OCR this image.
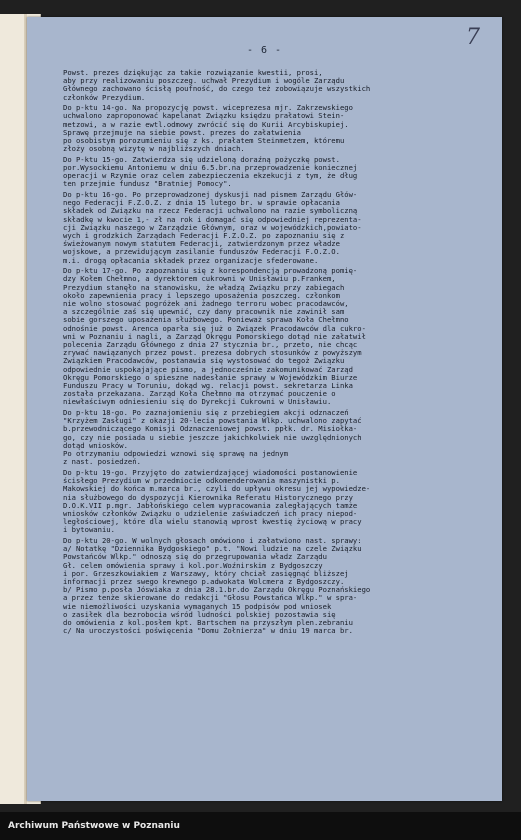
- 6 -
7
Powst. prezes dziękując za takie rozwiązanie kwestii, prosi,
aby przy realizowaniu poszczeg. uchwał Prezydium i wogóle Zarządu
Głównego zachowano ścisłą poufność, do czego też zobowiązuje wszystkich
członków Prezydium.
Do p-ktu 14-go. Na propozycję powst. wiceprezesa mjr. Zakrzewskiego
uchwalono zaproponować kapelanat Związku księdzu prałatowi Stein-
metzowi, a w razie ewtl.odmowy zwrócić się do Kurii Arcybiskupiej.
Sprawę przejmuje na siebie powst. prezes do załatwienia
po osobistym porozumieniu się z ks. prałatem Steinmetzem, któremu
złoży osobną wizytę w najbliższych dniach.
Do P-ktu 15-go. Zatwierdza się udzieloną doraźną pożyczkę powst.
por.Wysockiemu Antoniemu w dniu 6.5.br.na przeprowadzenie koniecznej
operacji w Rzymie oraz celem zabezpieczenia ekzekucji z tym, że dług
ten przejmie fundusz "Bratniej Pomocy".
Do p-ktu 16-go. Po przeprowadzonej dyskusji nad pismem Zarządu Głów-
nego Federacji F.Z.O.Z. z dnia 15 lutego br. w sprawie opłacania
składek od Związku na rzecz Federacji uchwalono na razie symboliczną
składkę w kwocie 1,- zł na rok i domagać się odpowiedniej reprezenta-
cji Związku naszego w Zarządzie Głównym, oraz w wojewódzkich,powiato-
wych i grodzkich Zarządach Federacji F.Z.O.Z. po zapoznaniu się z
świeżowanym nowym statutem Federacji, zatwierdzonym przez władze
wojskowe, a przewidującym zasilanie funduszów Federacji F.O.Z.O.
m.i. drogą opłacania składek przez organizacje sfederowane.
Do p-ktu 17-go. Po zapoznaniu się z korespondencją prowadzoną pomię-
dzy Kołem Chełmno, a dyrektorem cukrowni w Unisławiu p.Frankem,
Prezydium stanęło na stanowisku, że władzą Związku przy zabiegach
około zapewnienia pracy i lepszego uposażenia poszczeg. członkom
nie wolno stosować pogróżek ani żadnego terroru wobec pracodawców,
a szczególnie zaś się upewnić, czy dany pracownik nie zawinił sam
sobie gorszego uposażenia służbowego. Ponieważ sprawa Koła Chełmno
odnośnie powst. Arenca oparła się już o Związek Pracodawców dla cukro-
wni w Poznaniu i nagli, a Zarząd Okręgu Pomorskiego dotąd nie załatwił
polecenia Zarządu Głównego z dnia 27 stycznia br., przeto, nie chcąc
zrywać nawiązanych przez powst. prezesa dobrych stosunków z powyższym
Związkiem Pracodawców, postanawia się wystosować do tegoż Związku
odpowiednie uspokajające pismo, a jednocześnie zakomunikować Zarząd
Okręgu Pomorskiego o spieszne nadesłanie sprawy w Wojewódzkim Biurze
Funduszu Pracy w Toruniu, dokąd wg. relacji powst. sekretarza Linka
została przekazana. Zarząd Koła Chełmno ma otrzymać pouczenie o
niewłaściwym odniesieniu się do Dyrekcji Cukrowni w Unisławiu.
Do p-ktu 18-go. Po zaznajomieniu się z przebiegiem akcji odznaczeń
"Krzyżem Zasługi" z okazji 20-lecia powstania Wlkp. uchwalono zapytać
b.przewodniczącego Komisji Odznaczeniowej powst. ppłk. dr. Misiołka-
go, czy nie posiada u siebie jeszcze jakichkolwiek nie uwzględnionych
dotąd wniosków.
Po otrzymaniu odpowiedzi wznowi się sprawę na jednym
z nast. posiedzeń.
Do p-ktu 19-go. Przyjęto do zatwierdzającej wiadomości postanowienie
ścisłego Prezydium w przedmiocie odkomenderowania maszynistki p.
Makowskiej do końca m.marca br., czyli do upływu okresu jej wypowiedze-
nia służbowego do dyspozycji Kierownika Referatu Historycznego przy
D.O.K.VII p.mgr. Jabłońskiego celem wypracowania zaległających tamże
wniosków członków Związku o udzielenie zaświadczeń ich pracy niepod-
ległościowej, które dla wielu stanowią wprost kwestię życiową w pracy
i bytowaniu.
Do p-ktu 20-go. W wolnych głosach omówiono i załatwiono nast. sprawy:
a/ Notatkę "Dziennika Bydgoskiego" p.t. "Nowi ludzie na czele Związku
Powstańców Wlkp." odnoszą się do przegrupowania władz Zarządu
Gł. celem omówienia sprawy i kol.por.Woźnirskim z Bydgoszczy
i por. Grzeszkowiakiem z Warszawy, który chciał zasięgnąć bliższej
informacji przez swego krewnego p.adwokata Wolcmera z Bydgoszczy.
b/ Pismo p.posła Jóswiaka z dnia 28.1.br.do Zarządu Okręgu Poznańskiego
a przez tenże skierowane do redakcji "Głosu Powstańca Wlkp." w spra-
wie niemożliwości uzyskania wymaganych 15 podpisów pod wniosek
o zasiłek dla bezrobocia wśród ludności polskiej pozostawia się
do omówienia z kol.posłem kpt. Bartschem na przyszłym plen.zebraniu
c/ Na uroczystości poświęcenia "Domu Żołnierza" w dniu 19 marca br.
Archiwum Państwowe w Poznaniu
